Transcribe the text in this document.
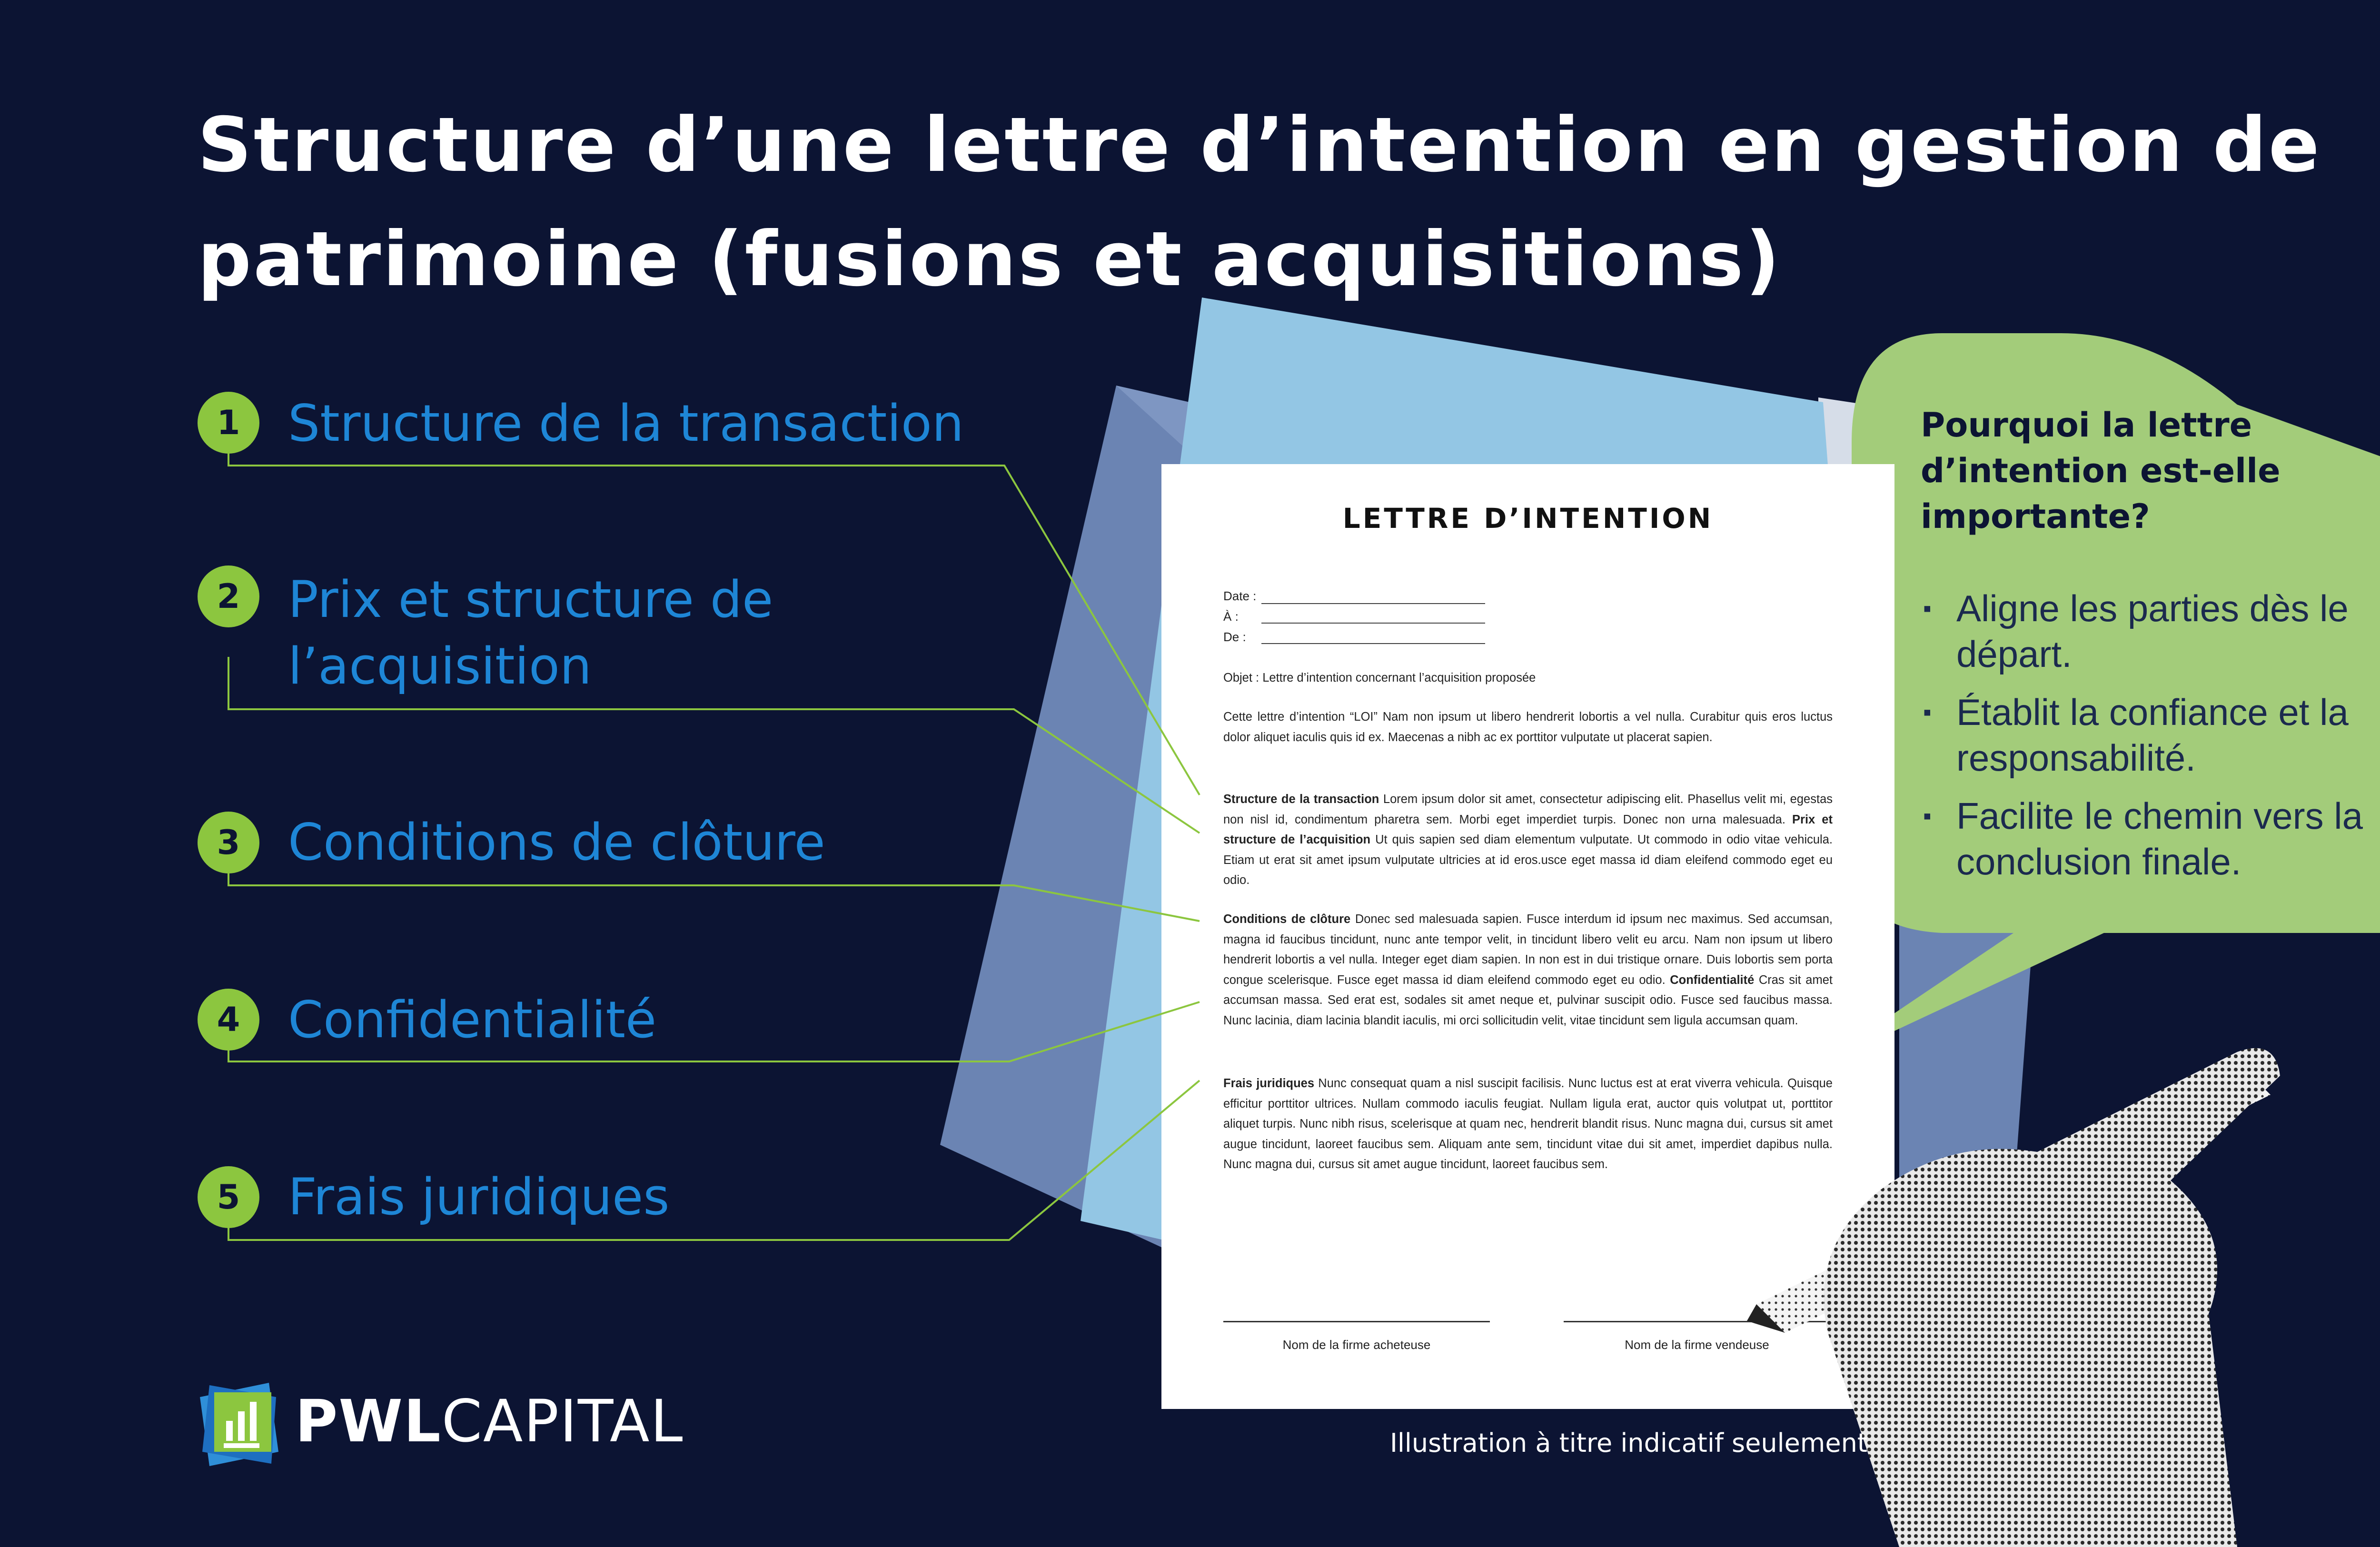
Structure d’une lettre d’intention en gestion de patrimoine (fusions et acquisitions)
LETTRE D’INTENTION
Date :
À :
De :

Objet : Lettre d’intention concernant l’acquisition proposée

Cette lettre d’intention “LOI” Nam non ipsum ut libero hendrerit lobortis a vel nulla. Curabitur quis eros luctus dolor aliquet iaculis quis id ex. Maecenas a nibh ac ex porttitor vulputate ut placerat sapien.

Structure de la transaction Lorem ipsum dolor sit amet, consectetur adipiscing elit. Phasellus velit mi, egestas non nisl id, condimentum pharetra sem. Morbi eget imperdiet turpis. Donec non urna malesuada. Prix et structure de l’acquisition Ut quis sapien sed diam elementum vulputate. Ut commodo in odio vitae vehicula. Etiam ut erat sit amet ipsum vulputate ultricies at id eros.usce eget massa id diam eleifend commodo eget eu odio.

Conditions de clôture Donec sed malesuada sapien. Fusce interdum id ipsum nec maximus. Sed accumsan, magna id faucibus tincidunt, nunc ante tempor velit, in tincidunt libero velit eu arcu. Nam non ipsum ut libero hendrerit lobortis a vel nulla. Integer eget diam sapien. In non est in dui tristique ornare. Duis lobortis sem porta congue scelerisque. Fusce eget massa id diam eleifend commodo eget eu odio. Confidentialité Cras sit amet accumsan massa. Sed erat est, sodales sit amet neque et, pulvinar suscipit odio. Fusce sed faucibus massa. Nunc lacinia, diam lacinia blandit iaculis, mi orci sollicitudin velit, vitae tincidunt sem ligula accumsan quam.

Frais juridiques Nunc consequat quam a nisl suscipit facilisis. Nunc luctus est at erat viverra vehicula. Quisque efficitur porttitor ultrices. Nullam commodo iaculis feugiat. Nullam ligula erat, auctor quis volutpat ut, porttitor aliquet turpis. Nunc nibh risus, scelerisque at quam nec, hendrerit blandit risus. Nunc magna dui, cursus sit amet augue tincidunt, laoreet faucibus sem. Aliquam ante sem, tincidunt vitae dui sit amet, imperdiet dapibus nulla. Nunc magna dui, cursus sit amet augue tincidunt, laoreet faucibus sem.

Nom de la firme acheteuse	Nom de la firme vendeuse
1 Structure de la transaction
2 Prix et structure de
l’acquisition
3 Conditions de clôture
4 Confidentialité
5 Frais juridiques

Pourquoi la lettre d’intention est-elle importante?

▪ Aligne les parties dès le départ.
▪ Établit la confiance et la responsabilité.
▪ Facilite le chemin vers la conclusion finale.
Illustration à titre indicatif seulement
PWLCAPITAL
